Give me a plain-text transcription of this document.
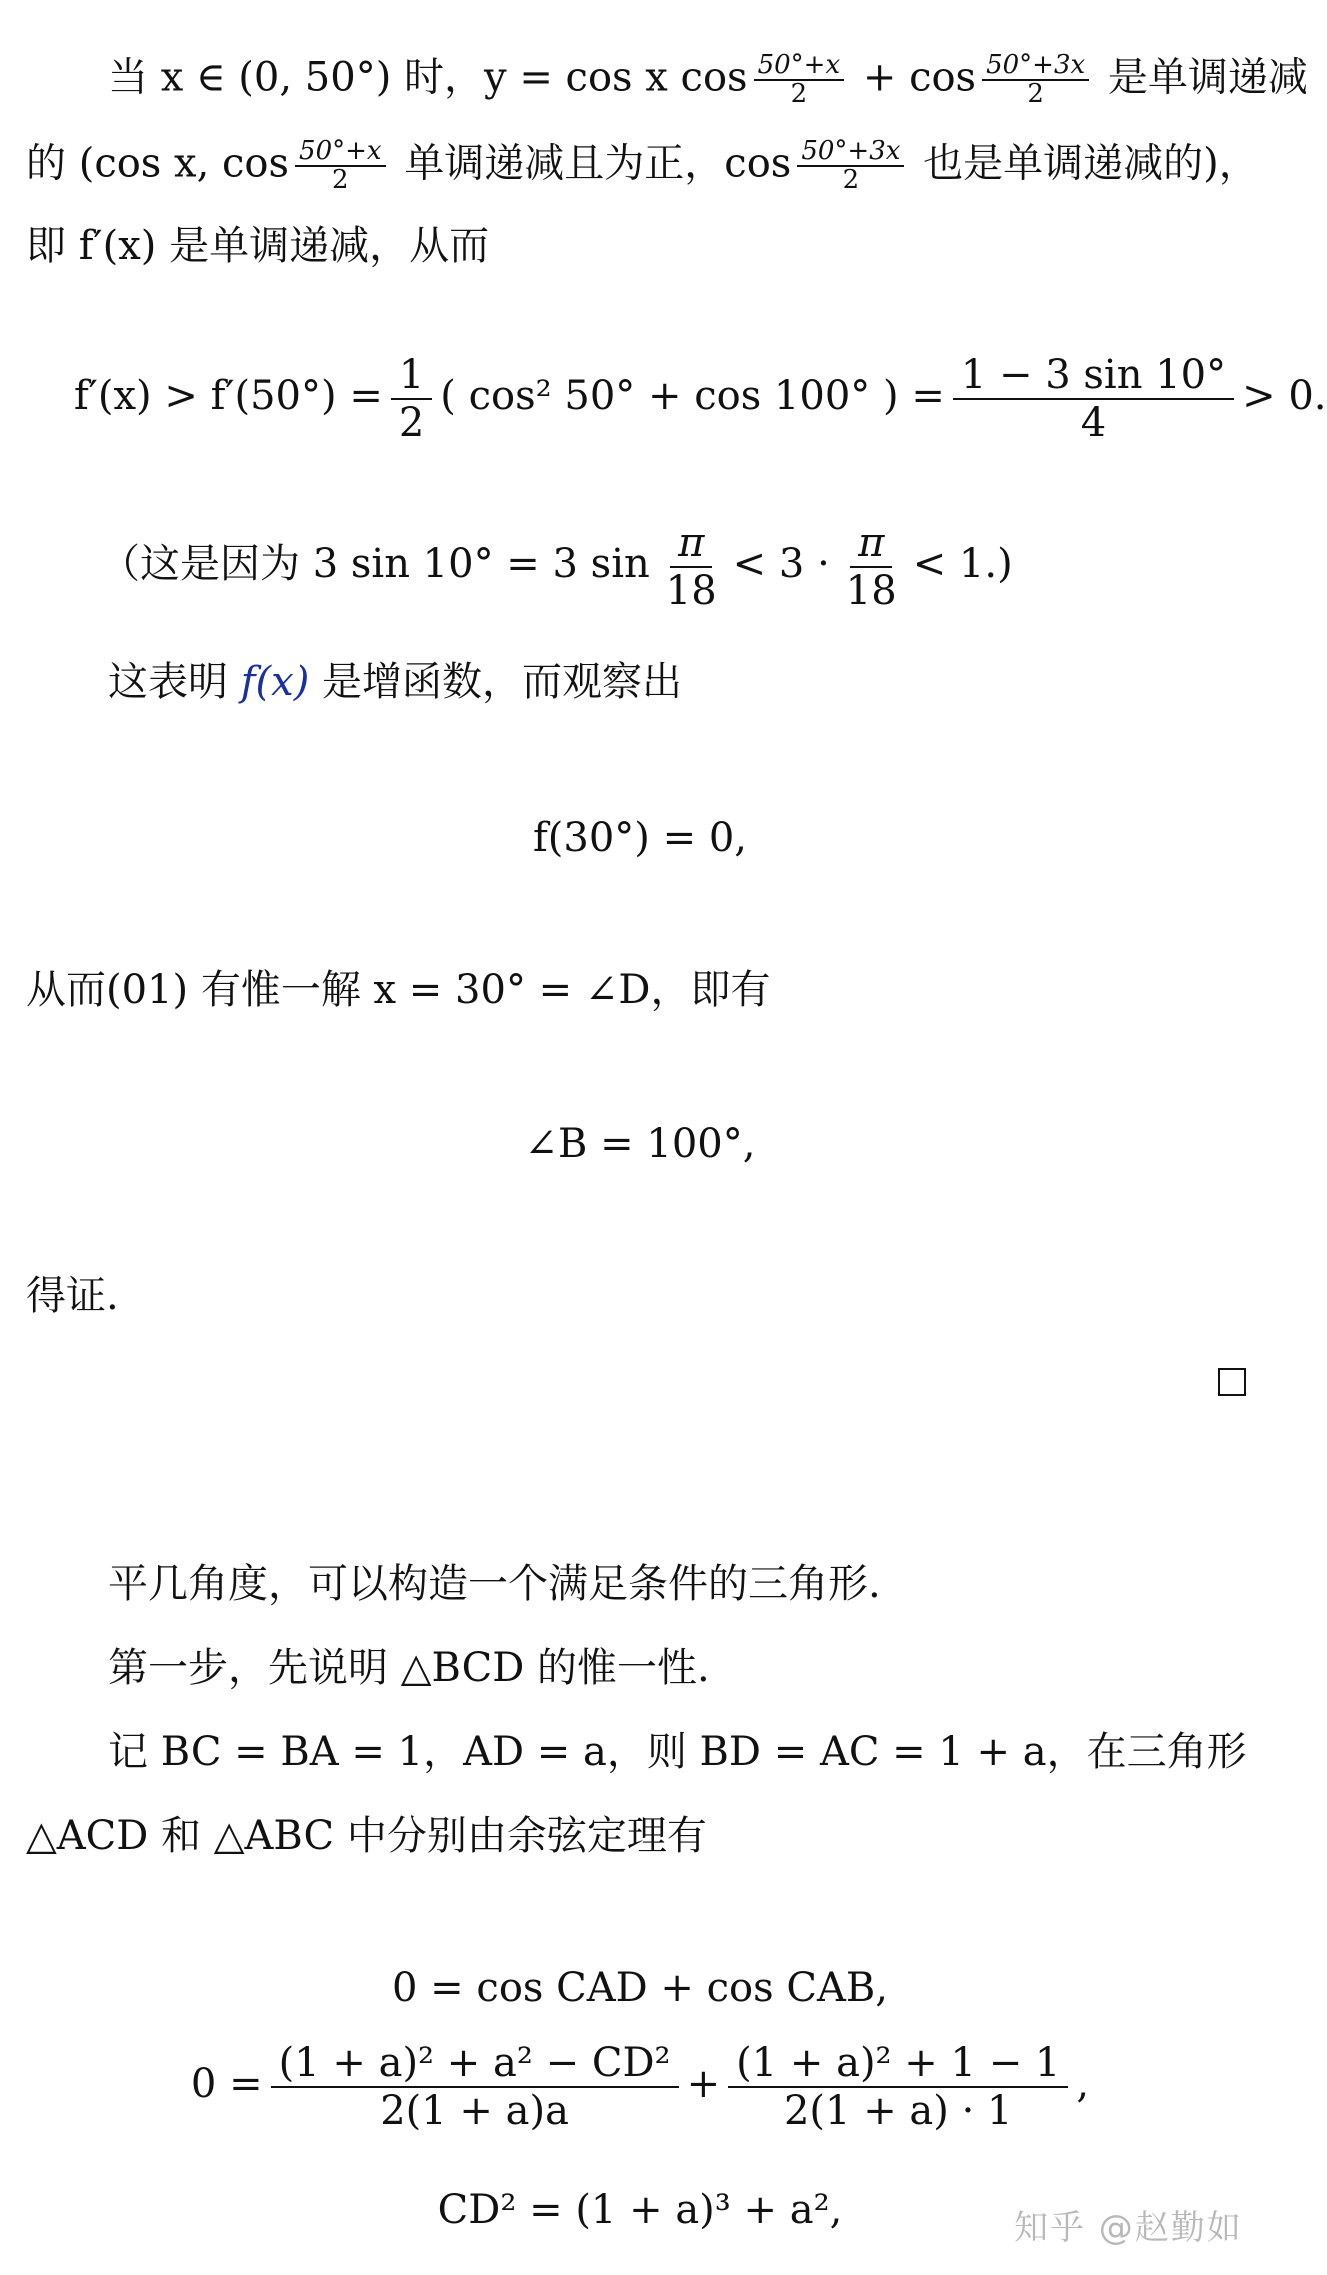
当 x ∈ (0, 50°) 时，y = cos x $\cos \frac{50^\circ+x}{2} + \cos \frac{50^\circ+3x}{2}$ 是单调递减
的 (cos x, $\cos \frac{50^\circ+x}{2}$ 单调递减且为正，$\cos \frac{50^\circ+3x}{2}$ 也是单调递减的)，
即 f′(x) 是单调递减，从而
$f'(x) > f'(50^\circ) = \frac{1}{2}$ ( cos² 50° + cos 100° ) = $\frac{1 - 3 \sin 10^\circ}{4} > 0$.
（这是因为 3 sin 10° = 3 $\sin \frac{\pi}{18} < 3 \cdot \frac{\pi}{18} < 1$.)
这表明 f(x) 是增函数，而观察出
f(30°) = 0,
从而(01) 有惟一解 x = 30° = ∠D，即有
∠B = 100°,
得证.
平几角度，可以构造一个满足条件的三角形.
第一步，先说明 △BCD 的惟一性.
记 BC = BA = 1，AD = a，则 BD = AC = 1 + a，在三角形
△ACD 和 △ABC 中分别由余弦定理有
0 = cos CAD + cos CAB,
$0 = \frac{\text{(1 + a)² + a² − CD²}}{2(1 + a)a} + \frac{\text{(1 + a)² + 1 − 1}}{2(1 + a) \cdot 1}$ ,
CD² = (1 + a)³ + a²,	知乎 @赵勤如
